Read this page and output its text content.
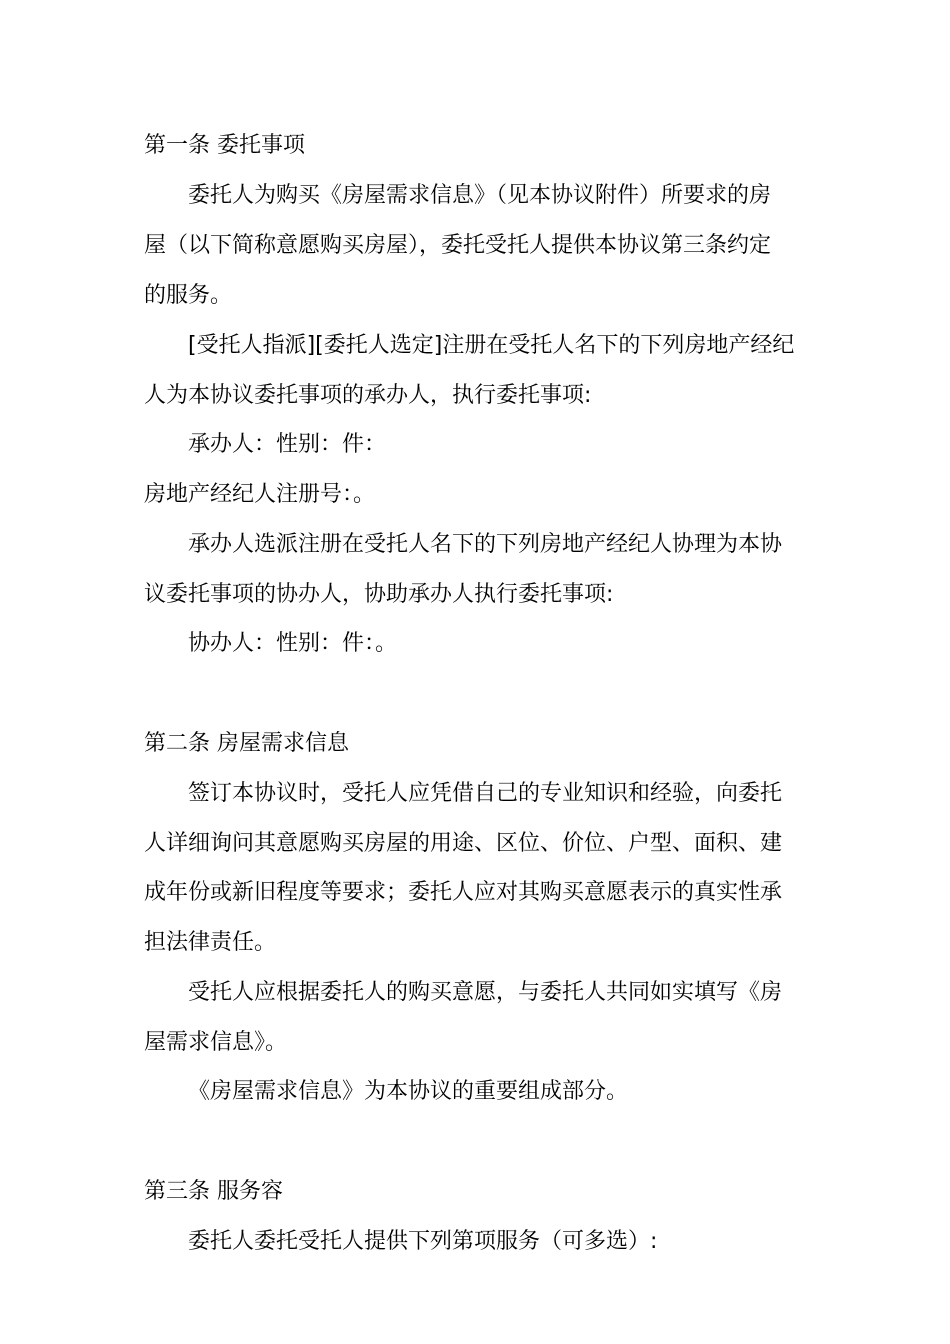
第一条 委托事项
委托人为购买《房屋需求信息》（见本协议附件）所要求的房
屋（以下简称意愿购买房屋），委托受托人提供本协议第三条约定
的服务。
[受托人指派][委托人选定]注册在受托人名下的下列房地产经纪
人为本协议委托事项的承办人，执行委托事项:
承办人：性别：件：
房地产经纪人注册号：。
承办人选派注册在受托人名下的下列房地产经纪人协理为本协
议委托事项的协办人，协助承办人执行委托事项:
协办人：性别：件：。
第二条 房屋需求信息
签订本协议时，受托人应凭借自己的专业知识和经验，向委托
人详细询问其意愿购买房屋的用途、区位、价位、户型、面积、建
成年份或新旧程度等要求；委托人应对其购买意愿表示的真实性承
担法律责任。
受托人应根据委托人的购买意愿，与委托人共同如实填写《房
屋需求信息》。
《房屋需求信息》为本协议的重要组成部分。
第三条 服务容
委托人委托受托人提供下列第项服务（可多选）:
